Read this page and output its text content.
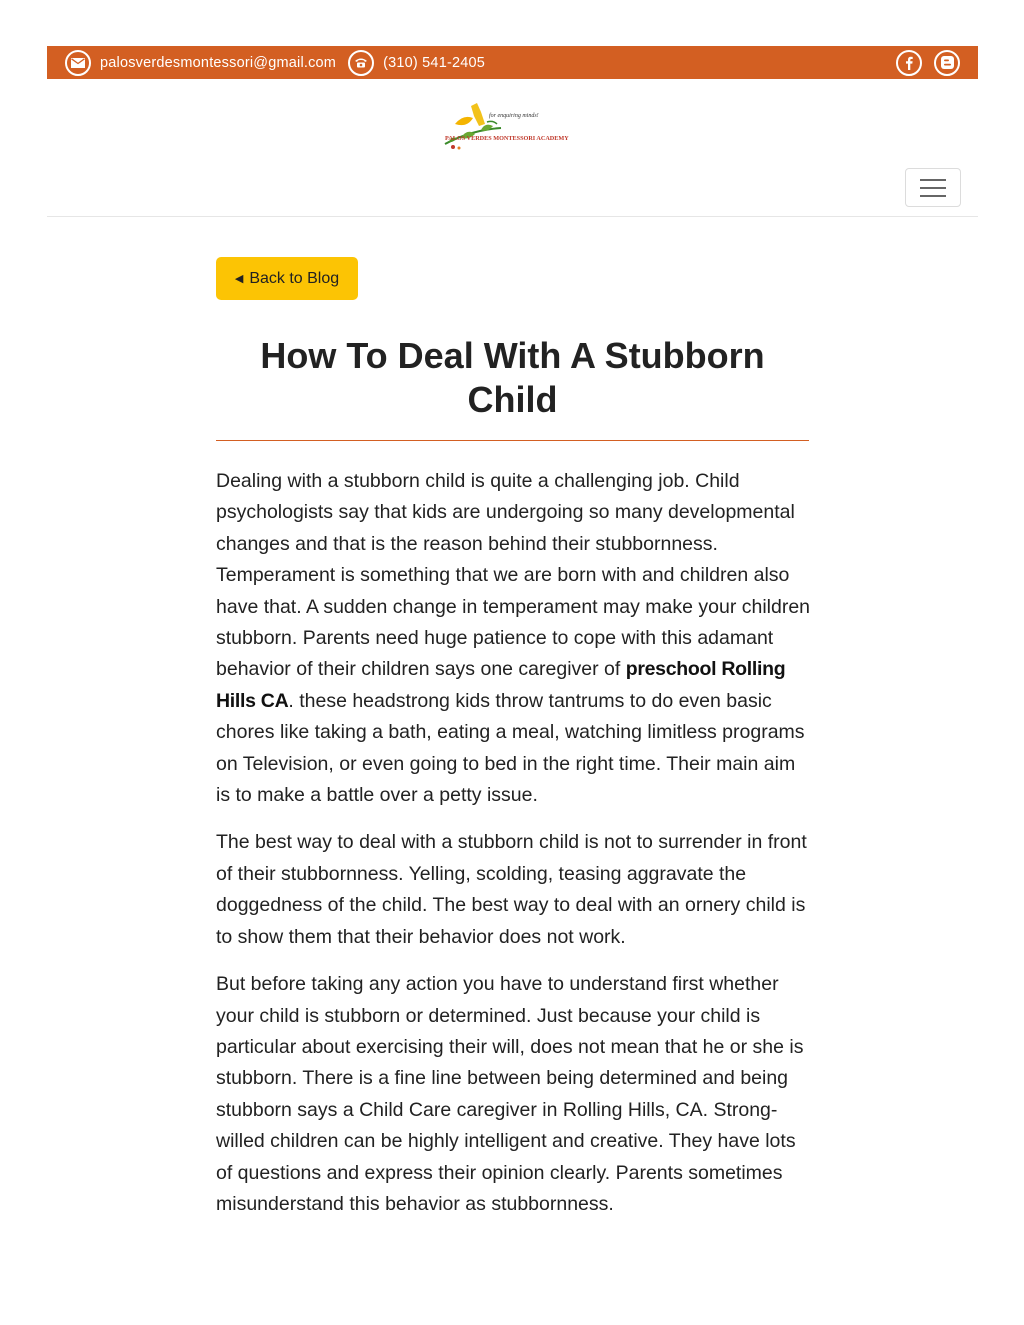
palosverdesmontessori@gmail.com	(310) 541-2405
for enquiring minds!
PALOS VERDES MONTESSORI ACADEMY
◀ Back to Blog
How To Deal With A Stubborn Child

Dealing with a stubborn child is quite a challenging job. Child psychologists say that kids are undergoing so many developmental changes and that is the reason behind their stubbornness. Temperament is something that we are born with and children also have that. A sudden change in temperament may make your children stubborn. Parents need huge patience to cope with this adamant behavior of their children says one caregiver of preschool Rolling Hills CA. these headstrong kids throw tantrums to do even basic chores like taking a bath, eating a meal, watching limitless programs on Television, or even going to bed in the right time. Their main aim is to make a battle over a petty issue.

The best way to deal with a stubborn child is not to surrender in front of their stubbornness. Yelling, scolding, teasing aggravate the doggedness of the child. The best way to deal with an ornery child is to show them that their behavior does not work.

But before taking any action you have to understand first whether your child is stubborn or determined. Just because your child is particular about exercising their will, does not mean that he or she is stubborn. There is a fine line between being determined and being stubborn says a Child Care caregiver in Rolling Hills, CA. Strong-willed children can be highly intelligent and creative. They have lots of questions and express their opinion clearly. Parents sometimes misunderstand this behavior as stubbornness.
